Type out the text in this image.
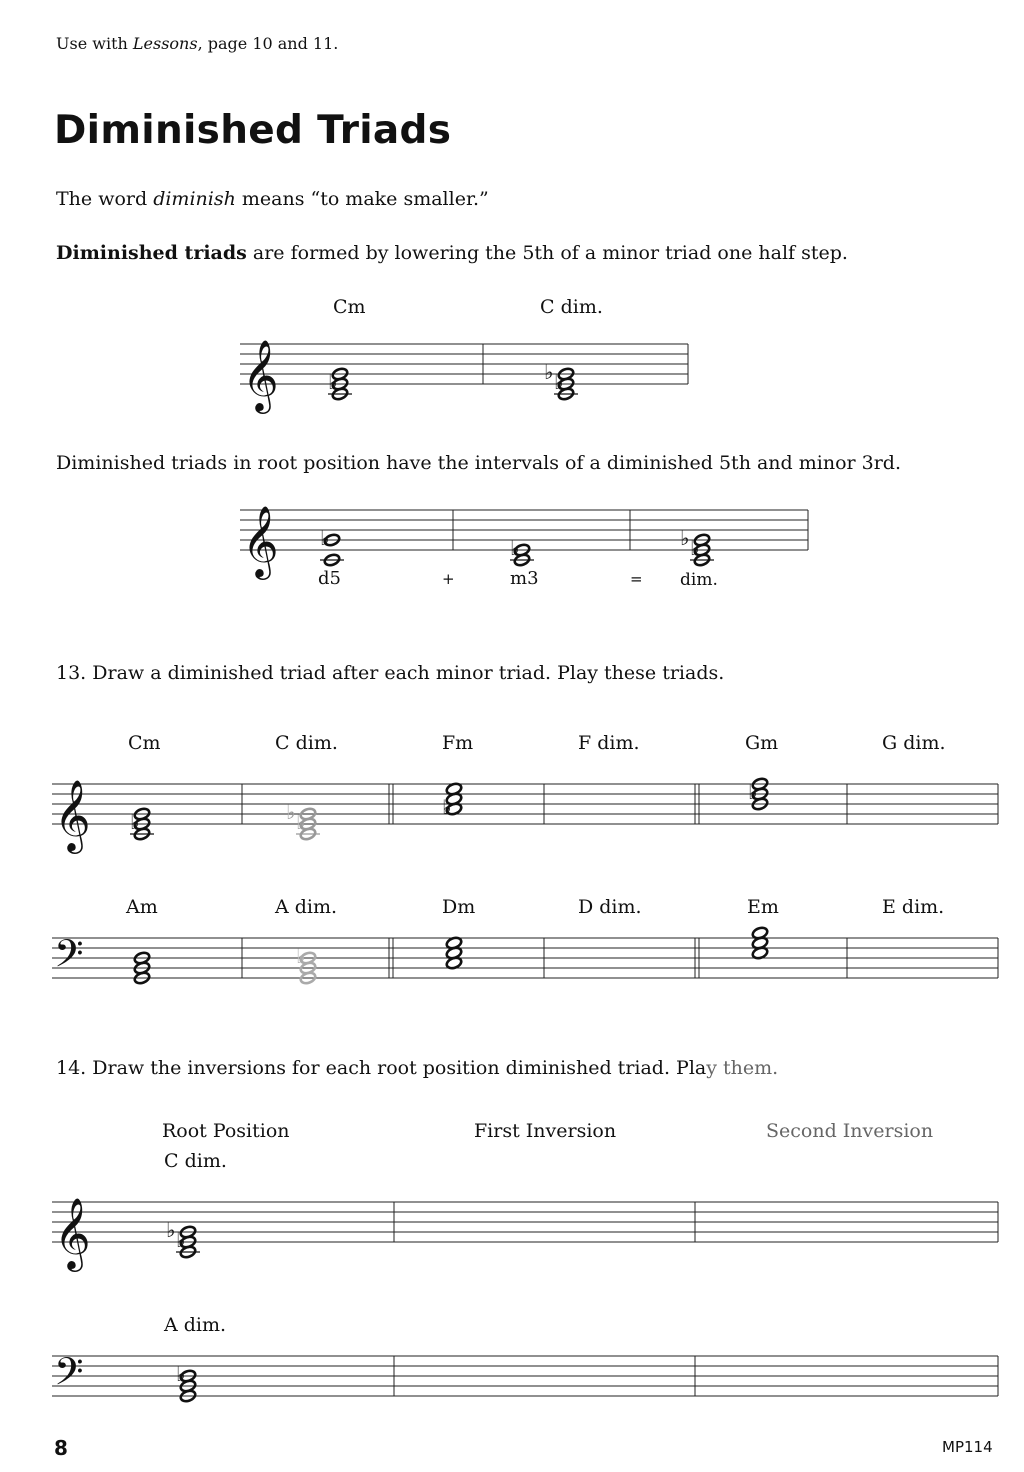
Use with Lessons, page 10 and 11.
Diminished Triads
The word diminish means “to make smaller.”
Diminished triads are formed by lowering the 5th of a minor triad one half step.
Cm	C dim.
𝄞 ♭	♭
♭
Diminished triads in root position have the intervals of a diminished 5th and minor 3rd.
𝄞 ♭	♭	♭
♭
d5	+	m3	= dim.
13. Draw a diminished triad after each minor triad. Play these triads.
Cm	C dim.	Fm	F dim.	Gm	G dim.
𝄞 ♭	♭
♭	♭
♭
Am	A dim.	Dm	D dim.	Em	E dim.
𝄢	♭
14. Draw the inversions for each root position diminished triad. Play them.
Root Position	First Inversion	Second Inversion
C dim.
𝄞	♭
♭
A dim.
𝄢	♭
8	MP114
